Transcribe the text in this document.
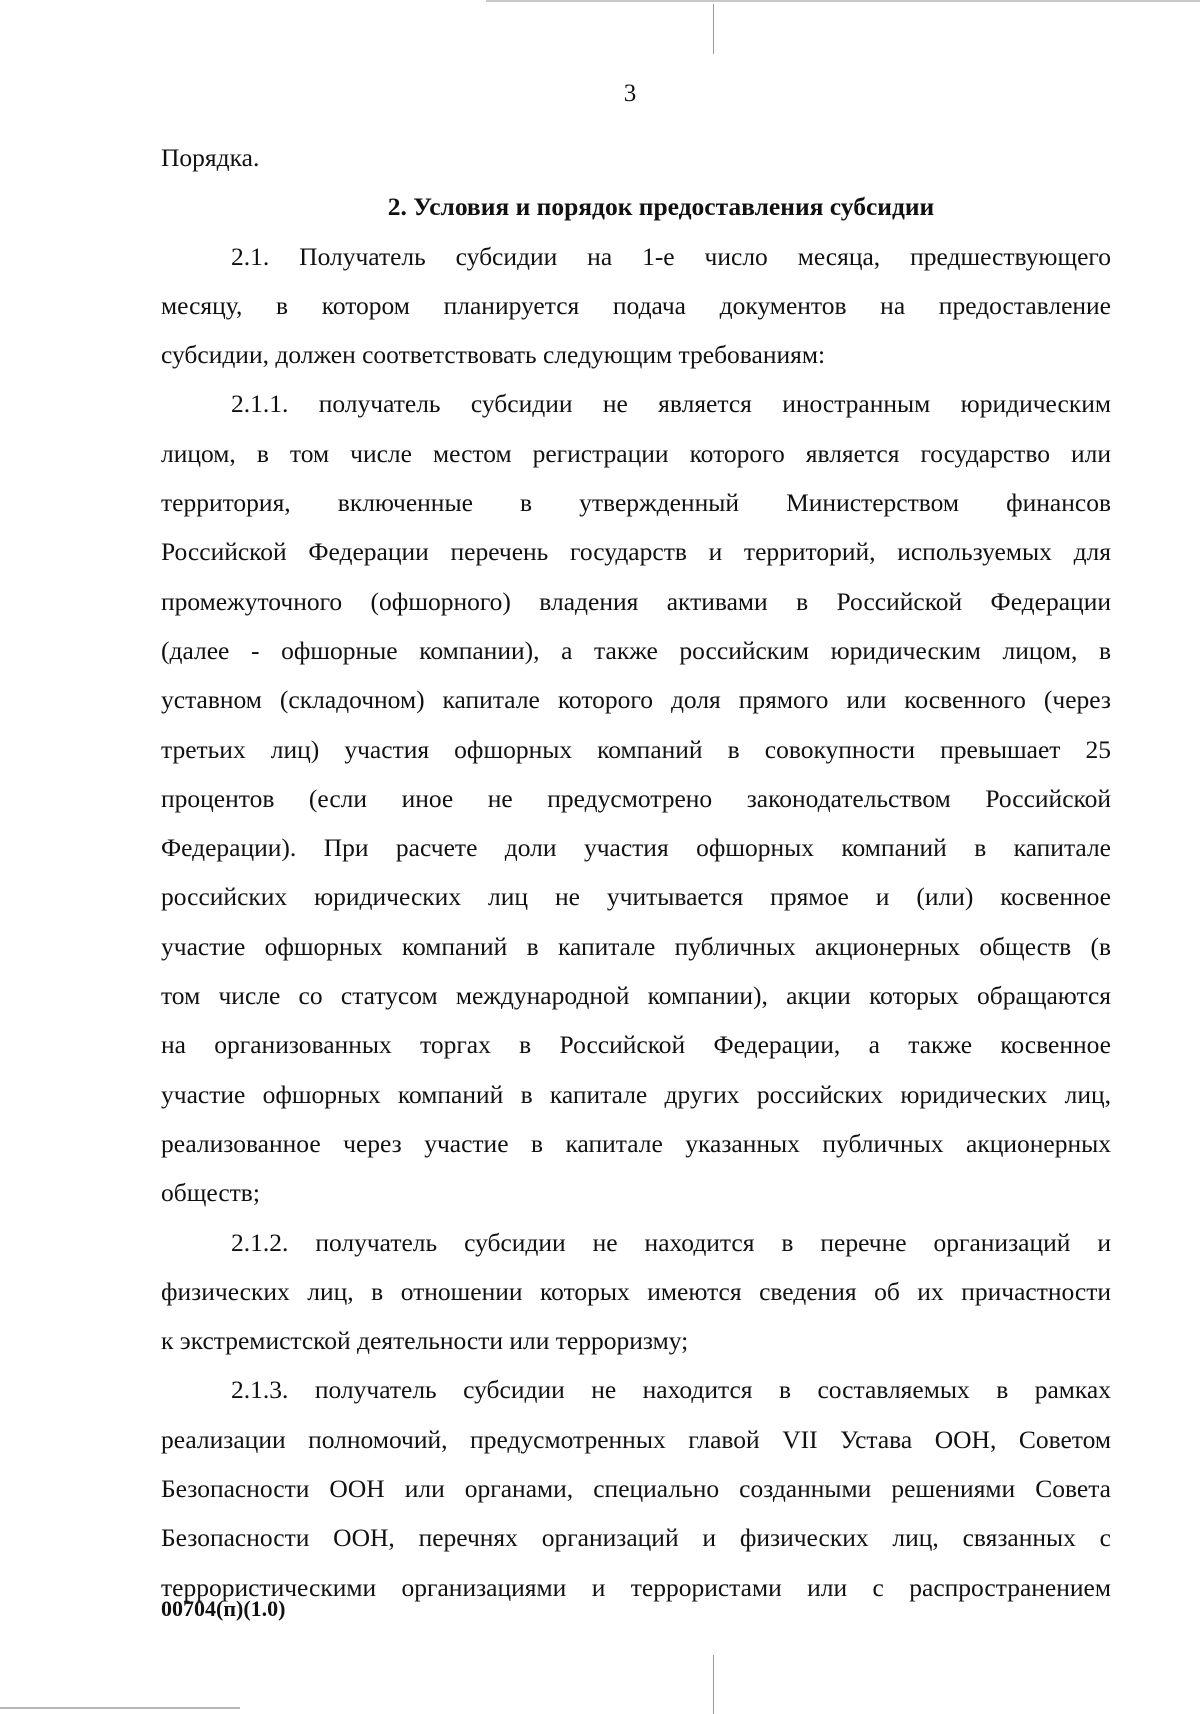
3

Порядка.

2. Условия и порядок предоставления субсидии

2.1. Получатель субсидии на 1-е число месяца, предшествующего

месяцу, в котором планируется подача документов на предоставление

субсидии, должен соответствовать следующим требованиям:

2.1.1. получатель субсидии не является иностранным юридическим

лицом, в том числе местом регистрации которого является государство или

территория, включенные в утвержденный Министерством финансов

Российской Федерации перечень государств и территорий, используемых для

промежуточного (офшорного) владения активами в Российской Федерации

(далее - офшорные компании), а также российским юридическим лицом, в

уставном (складочном) капитале которого доля прямого или косвенного (через

третьих лиц) участия офшорных компаний в совокупности превышает 25

процентов (если иное не предусмотрено законодательством Российской

Федерации). При расчете доли участия офшорных компаний в капитале

российских юридических лиц не учитывается прямое и (или) косвенное

участие офшорных компаний в капитале публичных акционерных обществ (в

том числе со статусом международной компании), акции которых обращаются

на организованных торгах в Российской Федерации, а также косвенное

участие офшорных компаний в капитале других российских юридических лиц,

реализованное через участие в капитале указанных публичных акционерных

обществ;

2.1.2. получатель субсидии не находится в перечне организаций и

физических лиц, в отношении которых имеются сведения об их причастности

к экстремистской деятельности или терроризму;

2.1.3. получатель субсидии не находится в составляемых в рамках

реализации полномочий, предусмотренных главой VII Устава ООН, Советом

Безопасности ООН или органами, специально созданными решениями Совета

Безопасности ООН, перечнях организаций и физических лиц, связанных с

террористическими организациями и террористами или с распространением

00704(п)(1.0)
